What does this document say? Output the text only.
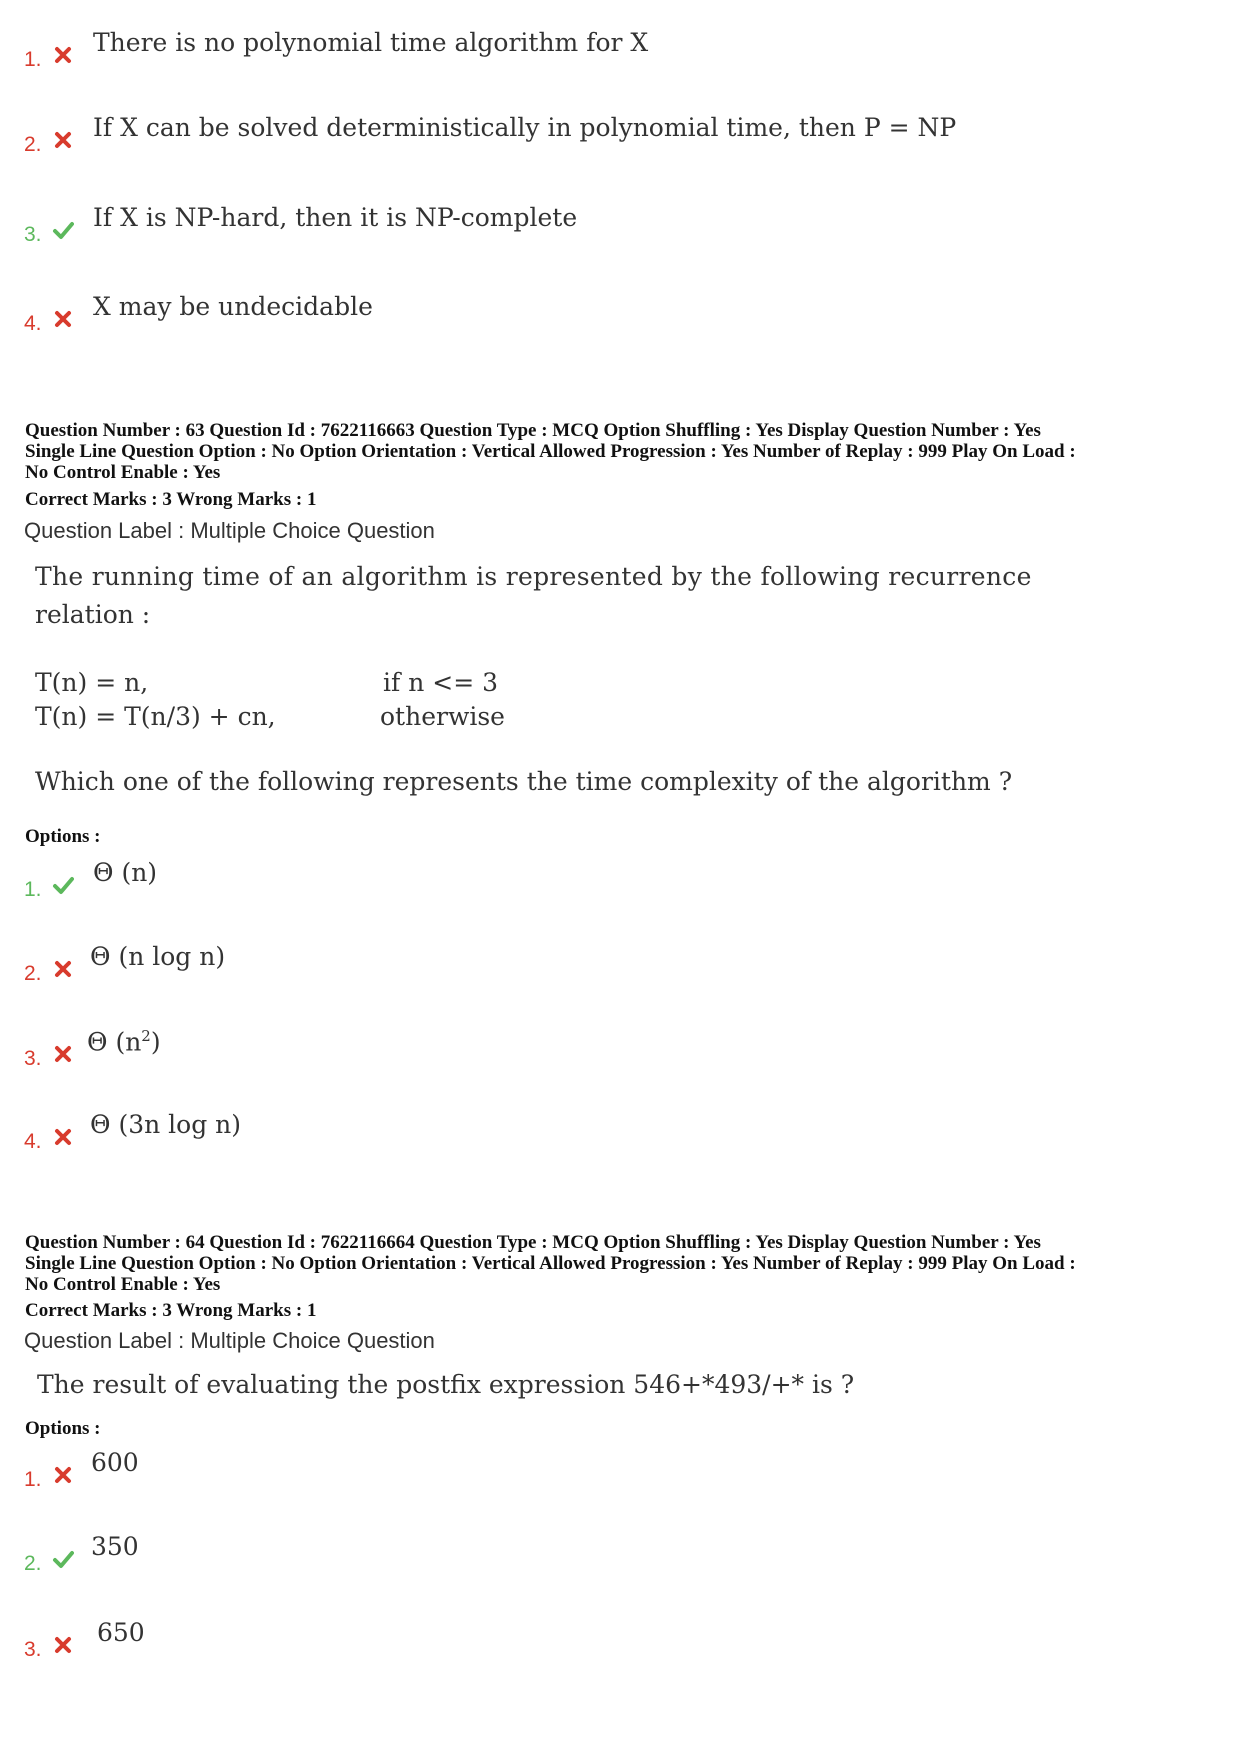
1.
There is no polynomial time algorithm for X
2.
If X can be solved deterministically in polynomial time, then P = NP
3.
If X is NP-hard, then it is NP-complete
4.
X may be undecidable
Question Number : 63 Question Id : 7622116663 Question Type : MCQ Option Shuffling : Yes Display Question Number : Yes
Single Line Question Option : No Option Orientation : Vertical Allowed Progression : Yes Number of Replay : 999 Play On Load :
No Control Enable : Yes
Correct Marks : 3 Wrong Marks : 1
Question Label : Multiple Choice Question
The running time of an algorithm is represented by the following recurrence
relation :
T(n) = n,	if n <= 3
T(n) = T(n/3) + cn,	otherwise
Which one of the following represents the time complexity of the algorithm ?
Options :
1.
Θ (n)
2.
Θ (n log n)
3.
Θ $(n^2)$
4.
Θ (3n log n)
Question Number : 64 Question Id : 7622116664 Question Type : MCQ Option Shuffling : Yes Display Question Number : Yes
Single Line Question Option : No Option Orientation : Vertical Allowed Progression : Yes Number of Replay : 999 Play On Load :
No Control Enable : Yes
Correct Marks : 3 Wrong Marks : 1
Question Label : Multiple Choice Question
The result of evaluating the postfix expression 546+*493/+* is ?
Options :
1.
600
2.
350
3.
650
